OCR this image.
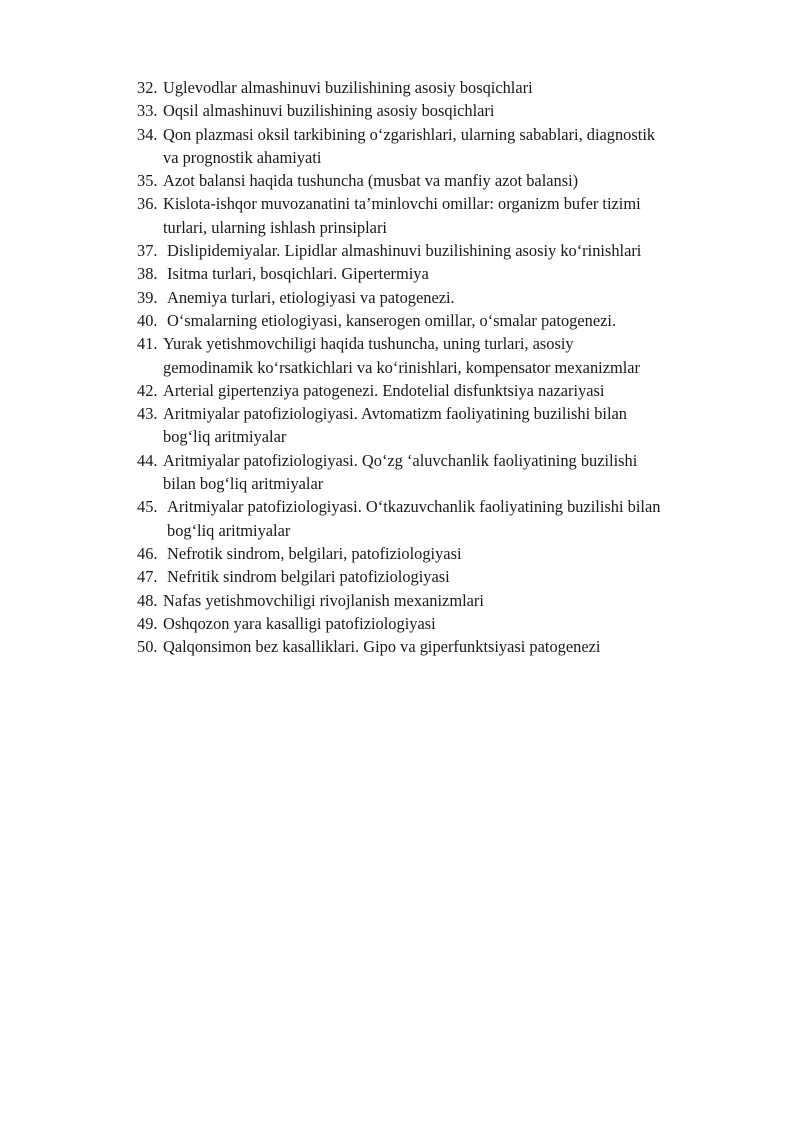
32. Uglevodlar almashinuvi buzilishining asosiy bosqichlari
33. Oqsil almashinuvi buzilishining asosiy bosqichlari
34. Qon plazmasi oksil tarkibining oʻzgarishlari, ularning sabablari, diagnostik
va prognostik ahamiyati
35. Azot balansi haqida tushuncha (musbat va manfiy azot balansi)
36. Kislota-ishqor muvozanatini ta’minlovchi omillar: organizm bufer tizimi
turlari, ularning ishlash prinsiplari
37. Dislipidemiyalar. Lipidlar almashinuvi buzilishining asosiy koʻrinishlari
38. Isitma turlari, bosqichlari. Gipertermiya
39. Anemiya turlari, etiologiyasi va patogenezi.
40. Oʻsmalarning etiologiyasi, kanserogen omillar, oʻsmalar patogenezi.
41. Yurak yetishmovchiligi haqida tushuncha, uning turlari, asosiy
gemodinamik koʻrsatkichlari va koʻrinishlari, kompensator mexanizmlar
42. Arterial gipertenziya patogenezi. Endotelial disfunktsiya nazariyasi
43. Aritmiyalar patofiziologiyasi. Avtomatizm faoliyatining buzilishi bilan
bogʻliq aritmiyalar
44. Aritmiyalar patofiziologiyasi. Qoʻzg ‘aluvchanlik faoliyatining buzilishi
bilan bogʻliq aritmiyalar
45. Aritmiyalar patofiziologiyasi. Oʻtkazuvchanlik faoliyatining buzilishi bilan
bogʻliq aritmiyalar
46. Nefrotik sindrom, belgilari, patofiziologiyasi
47. Nefritik sindrom belgilari patofiziologiyasi
48. Nafas yetishmovchiligi rivojlanish mexanizmlari
49. Oshqozon yara kasalligi patofiziologiyasi
50. Qalqonsimon bez kasalliklari. Gipo va giperfunktsiyasi patogenezi
